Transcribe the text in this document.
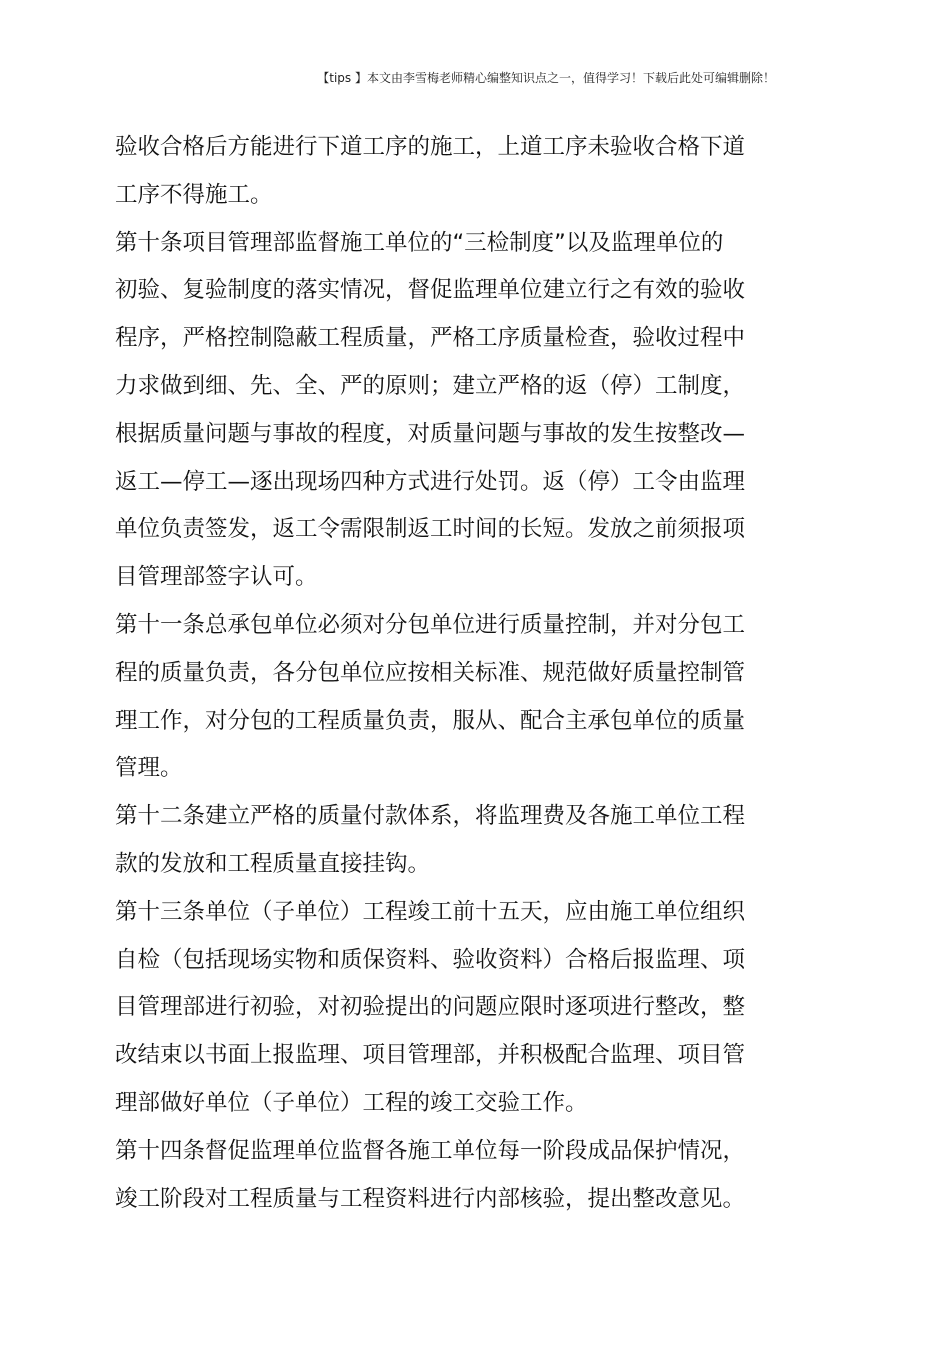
【tips 】本文由李雪梅老师精心编整知识点之一，值得学习！下载后此处可编辑删除！
验收合格后方能进行下道工序的施工，上道工序未验收合格下道
工序不得施工。
第十条项目管理部监督施工单位的“三检制度”以及监理单位的
初验、复验制度的落实情况，督促监理单位建立行之有效的验收
程序，严格控制隐蔽工程质量，严格工序质量检查，验收过程中
力求做到细、先、全、严的原则；建立严格的返（停）工制度，
根据质量问题与事故的程度，对质量问题与事故的发生按整改—
返工—停工—逐出现场四种方式进行处罚。返（停）工令由监理
单位负责签发，返工令需限制返工时间的长短。发放之前须报项
目管理部签字认可。
第十一条总承包单位必须对分包单位进行质量控制，并对分包工
程的质量负责，各分包单位应按相关标准、规范做好质量控制管
理工作，对分包的工程质量负责，服从、配合主承包单位的质量
管理。
第十二条建立严格的质量付款体系，将监理费及各施工单位工程
款的发放和工程质量直接挂钩。
第十三条单位（子单位）工程竣工前十五天，应由施工单位组织
自检（包括现场实物和质保资料、验收资料）合格后报监理、项
目管理部进行初验，对初验提出的问题应限时逐项进行整改，整
改结束以书面上报监理、项目管理部，并积极配合监理、项目管
理部做好单位（子单位）工程的竣工交验工作。
第十四条督促监理单位监督各施工单位每一阶段成品保护情况，
竣工阶段对工程质量与工程资料进行内部核验，提出整改意见。
